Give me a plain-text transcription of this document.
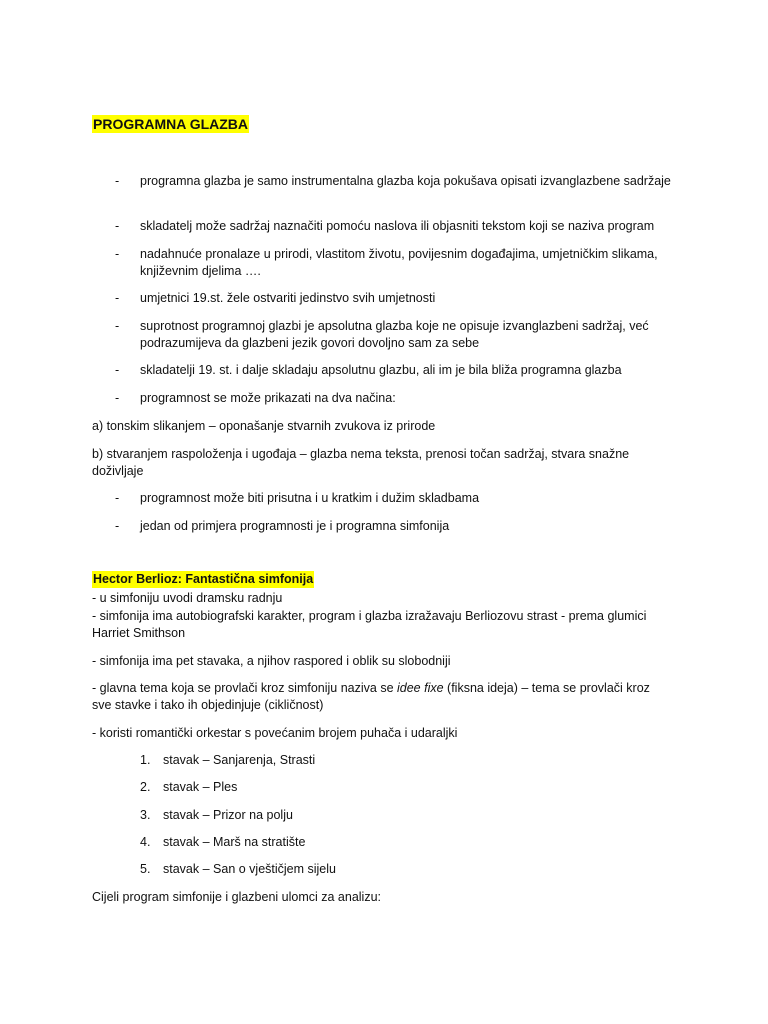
PROGRAMNA GLAZBA
- programna glazba je samo instrumentalna glazba koja pokušava opisati izvanglazbene sadržaje
- skladatelj može sadržaj naznačiti pomoću naslova ili objasniti tekstom koji se naziva program
- nadahnuće pronalaze u prirodi, vlastitom životu, povijesnim događajima, umjetničkim slikama, književnim djelima ….
- umjetnici 19.st. žele ostvariti jedinstvo svih umjetnosti
- suprotnost programnoj glazbi je apsolutna glazba koje ne opisuje izvanglazbeni sadržaj, već podrazumijeva da glazbeni jezik govori dovoljno sam za sebe
- skladatelji 19. st. i dalje skladaju apsolutnu glazbu, ali im je bila bliža programna glazba
- programnost se može prikazati na dva načina:
a) tonskim slikanjem – oponašanje stvarnih zvukova iz prirode
b) stvaranjem raspoloženja i ugođaja – glazba nema teksta, prenosi točan sadržaj, stvara snažne doživljaje
- programnost može biti prisutna i u kratkim i dužim skladbama
- jedan od primjera programnosti je i programna simfonija
Hector Berlioz: Fantastična simfonija
- u simfoniju uvodi dramsku radnju
- simfonija ima autobiografski karakter, program i glazba izražavaju Berliozovu strast - prema glumici Harriet Smithson
- simfonija ima pet stavaka, a njihov raspored i oblik su slobodniji
- glavna tema koja se provlači kroz simfoniju naziva se idee fixe (fiksna ideja) – tema se provlači kroz sve stavke i tako ih objedinjuje (cikličnost)
- koristi romantički orkestar s povećanim brojem puhača i udaraljki
1. stavak – Sanjarenja, Strasti
2. stavak – Ples
3. stavak – Prizor na polju
4. stavak – Marš na stratište
5. stavak – San o vještičjem sijelu
Cijeli program simfonije i glazbeni ulomci za analizu:
